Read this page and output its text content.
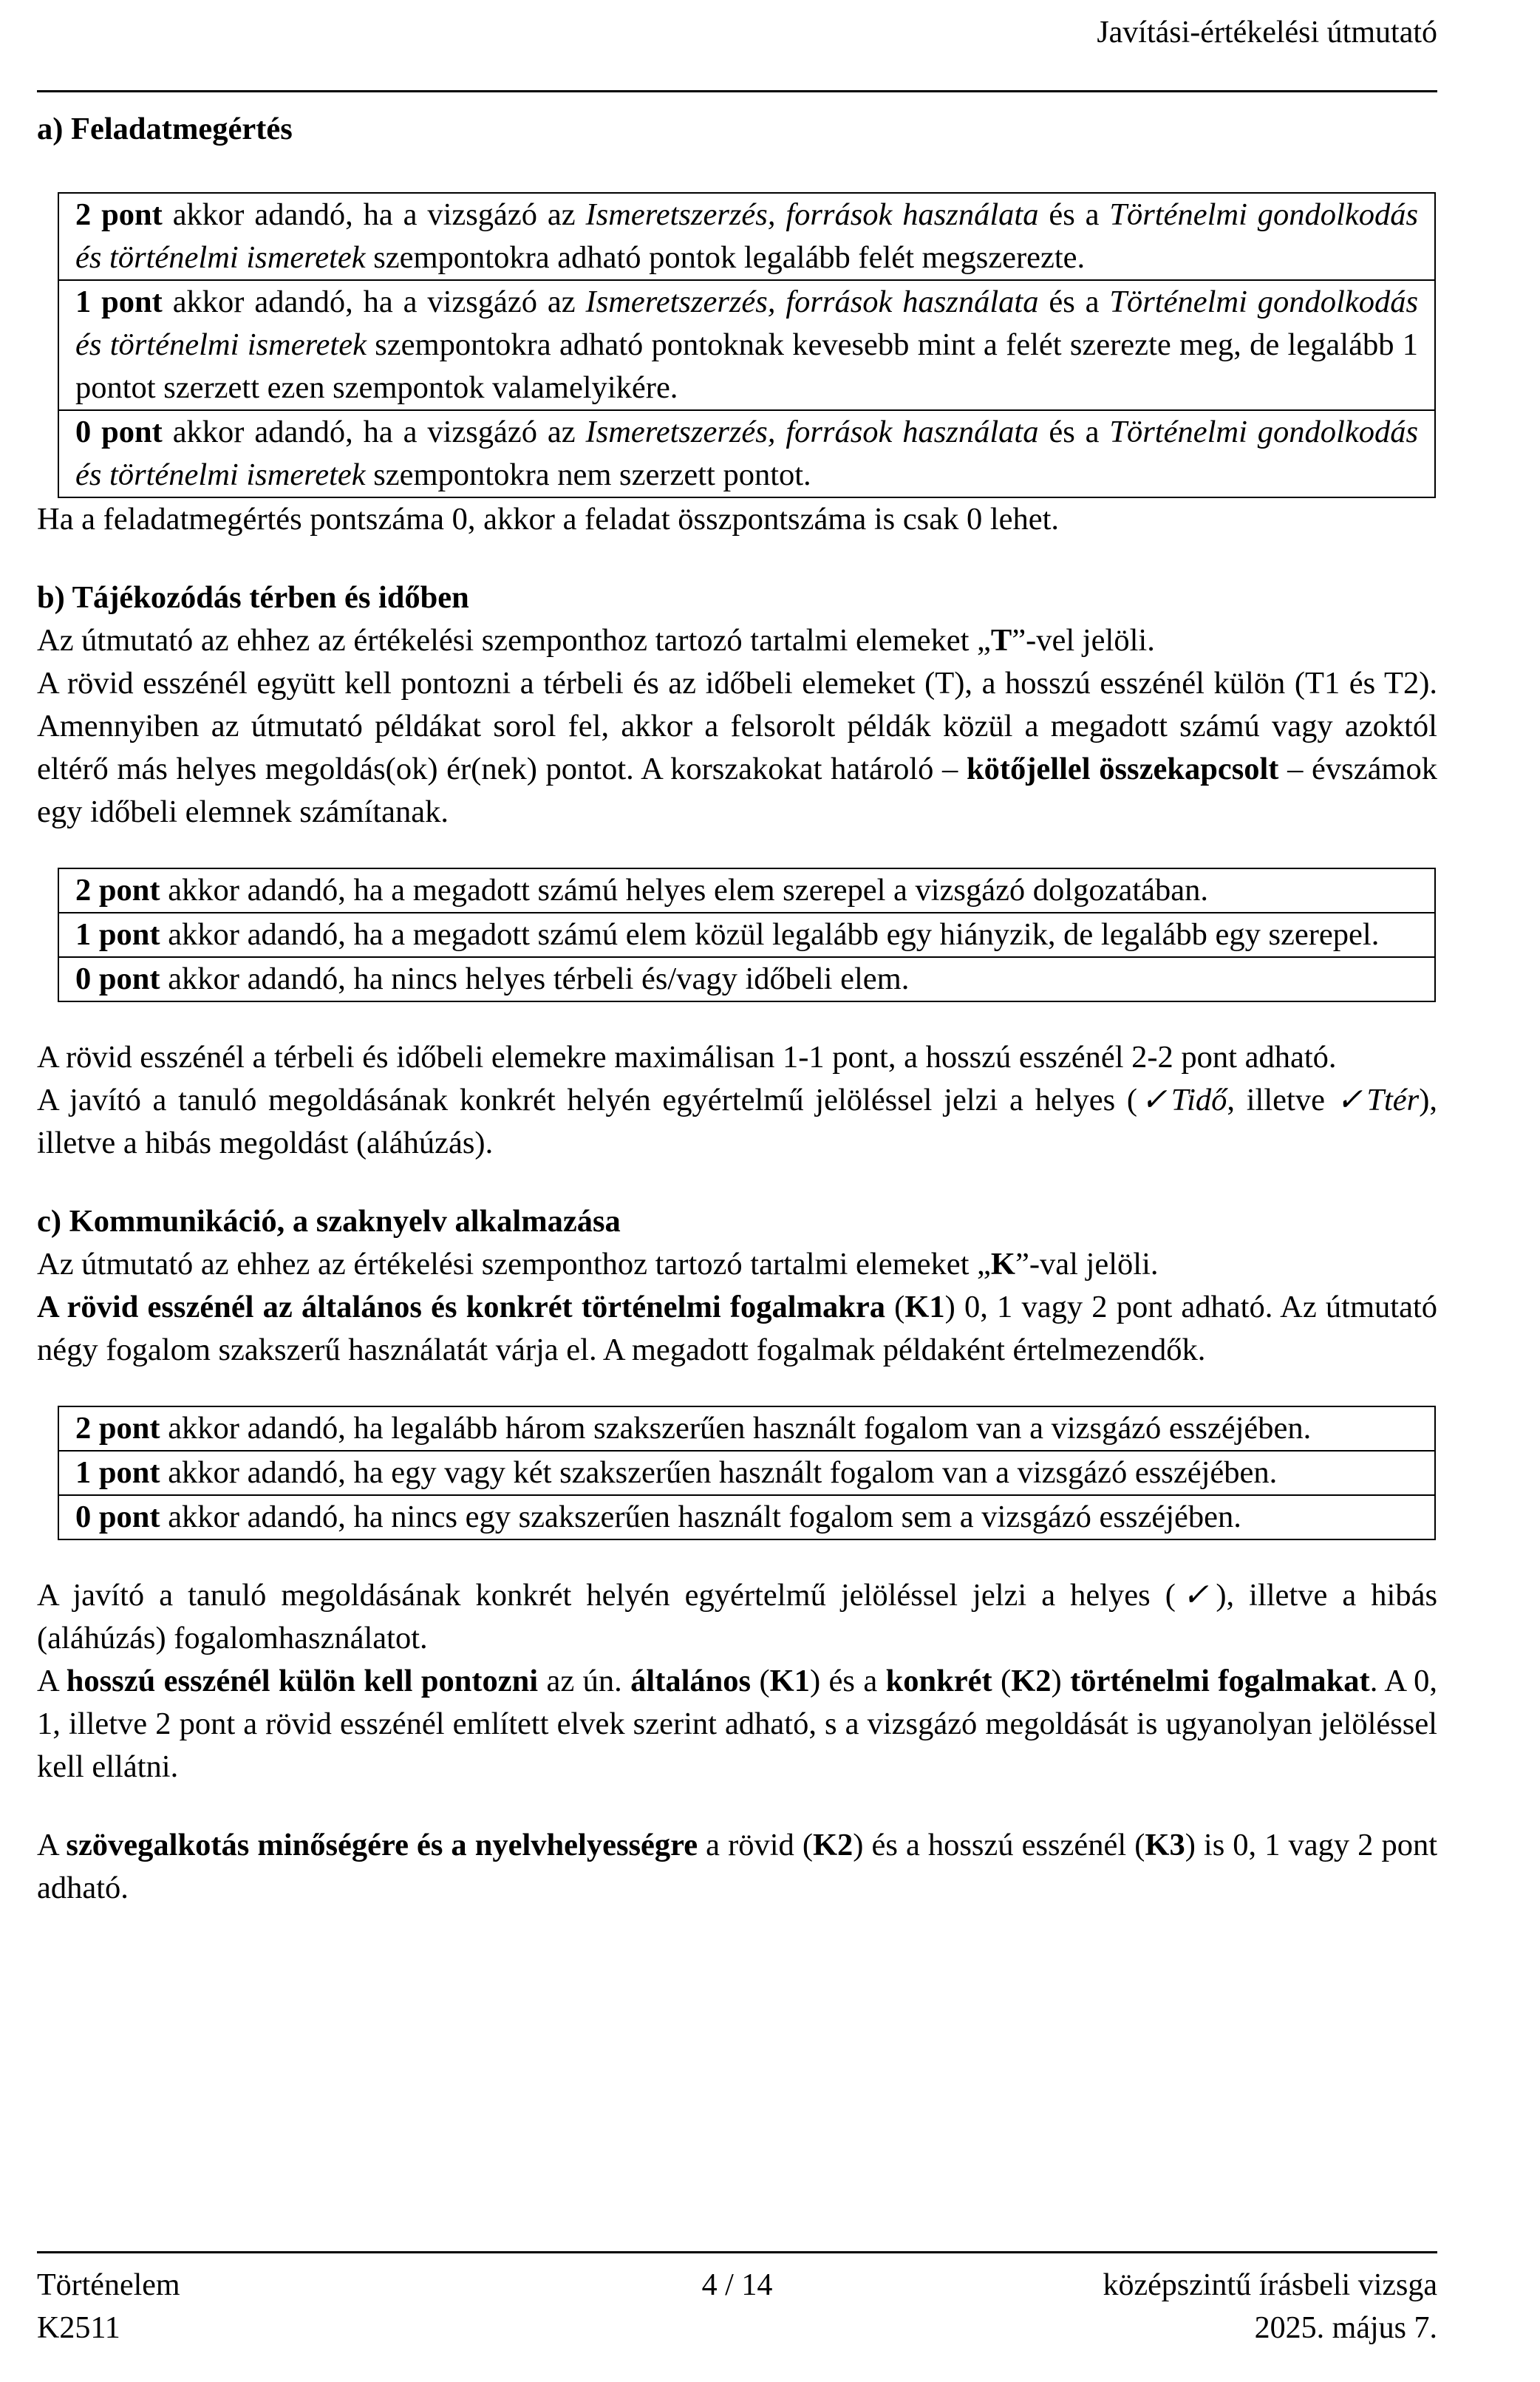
Javítási-értékelési útmutató
a) Feladatmegértés
2 pont akkor adandó, ha a vizsgázó az Ismeretszerzés, források használata és a Történelmi gondolkodás és történelmi ismeretek szempontokra adható pontok legalább felét megszerezte.
1 pont akkor adandó, ha a vizsgázó az Ismeretszerzés, források használata és a Történelmi gondolkodás és történelmi ismeretek szempontokra adható pontoknak kevesebb mint a felét szerezte meg, de legalább 1 pontot szerzett ezen szempontok valamelyikére.
0 pont akkor adandó, ha a vizsgázó az Ismeretszerzés, források használata és a Történelmi gondolkodás és történelmi ismeretek szempontokra nem szerzett pontot.

Ha a feladatmegértés pontszáma 0, akkor a feladat összpontszáma is csak 0 lehet.

b) Tájékozódás térben és időben

Az útmutató az ehhez az értékelési szemponthoz tartozó tartalmi elemeket „T”-vel jelöli.

A rövid esszénél együtt kell pontozni a térbeli és az időbeli elemeket (T), a hosszú esszénél külön (T1 és T2). Amennyiben az útmutató példákat sorol fel, akkor a felsorolt példák közül a megadott számú vagy azoktól eltérő más helyes megoldás(ok) ér(nek) pontot. A korszakokat határoló – kötőjellel összekapcsolt – évszámok egy időbeli elemnek számítanak.

2 pont akkor adandó, ha a megadott számú helyes elem szerepel a vizsgázó dolgozatában.
1 pont akkor adandó, ha a megadott számú elem közül legalább egy hiányzik, de legalább egy szerepel.
0 pont akkor adandó, ha nincs helyes térbeli és/vagy időbeli elem.

A rövid esszénél a térbeli és időbeli elemekre maximálisan 1-1 pont, a hosszú esszénél 2-2 pont adható.

A javító a tanuló megoldásának konkrét helyén egyértelmű jelöléssel jelzi a helyes (✓Tidő, illetve ✓Ttér), illetve a hibás megoldást (aláhúzás).

c) Kommunikáció, a szaknyelv alkalmazása

Az útmutató az ehhez az értékelési szemponthoz tartozó tartalmi elemeket „K”-val jelöli.

A rövid esszénél az általános és konkrét történelmi fogalmakra (K1) 0, 1 vagy 2 pont adható. Az útmutató négy fogalom szakszerű használatát várja el. A megadott fogalmak példaként értelmezendők.

2 pont akkor adandó, ha legalább három szakszerűen használt fogalom van a vizsgázó esszéjében.
1 pont akkor adandó, ha egy vagy két szakszerűen használt fogalom van a vizsgázó esszéjében.
0 pont akkor adandó, ha nincs egy szakszerűen használt fogalom sem a vizsgázó esszéjében.

A javító a tanuló megoldásának konkrét helyén egyértelmű jelöléssel jelzi a helyes (✓), illetve a hibás (aláhúzás) fogalomhasználatot.

A hosszú esszénél külön kell pontozni az ún. általános (K1) és a konkrét (K2) történelmi fogalmakat. A 0, 1, illetve 2 pont a rövid esszénél említett elvek szerint adható, s a vizsgázó megoldását is ugyanolyan jelöléssel kell ellátni.

A szövegalkotás minőségére és a nyelvhelyességre a rövid (K2) és a hosszú esszénél (K3) is 0, 1 vagy 2 pont adható.

Történelem	4 / 14	középszintű írásbeli vizsga
K2511	2025. május 7.
